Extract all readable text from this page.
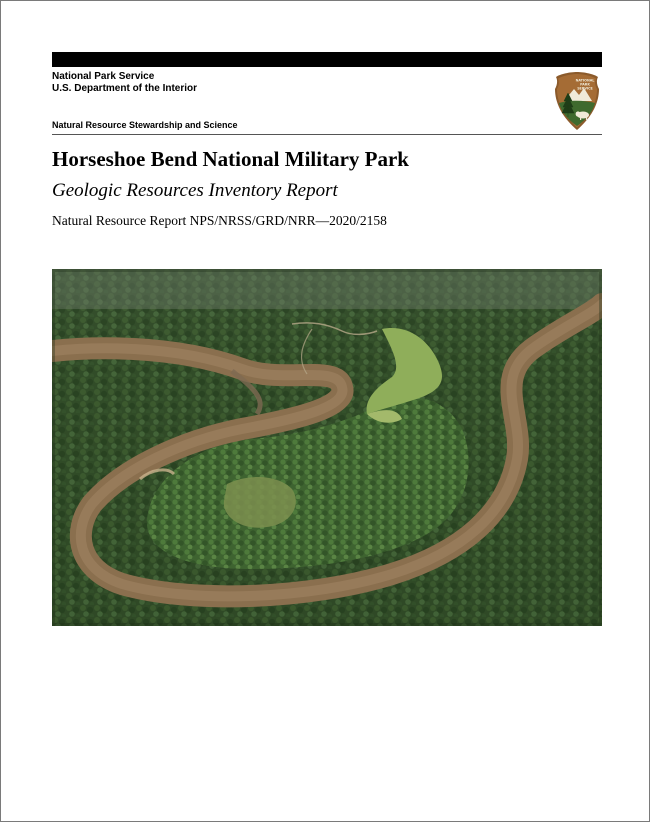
National Park Service
U.S. Department of the Interior
NATIONAL
PARK
SERVICE
Natural Resource Stewardship and Science
Horseshoe Bend National Military Park
Geologic Resources Inventory Report
Natural Resource Report NPS/NRSS/GRD/NRR—2020/2158
